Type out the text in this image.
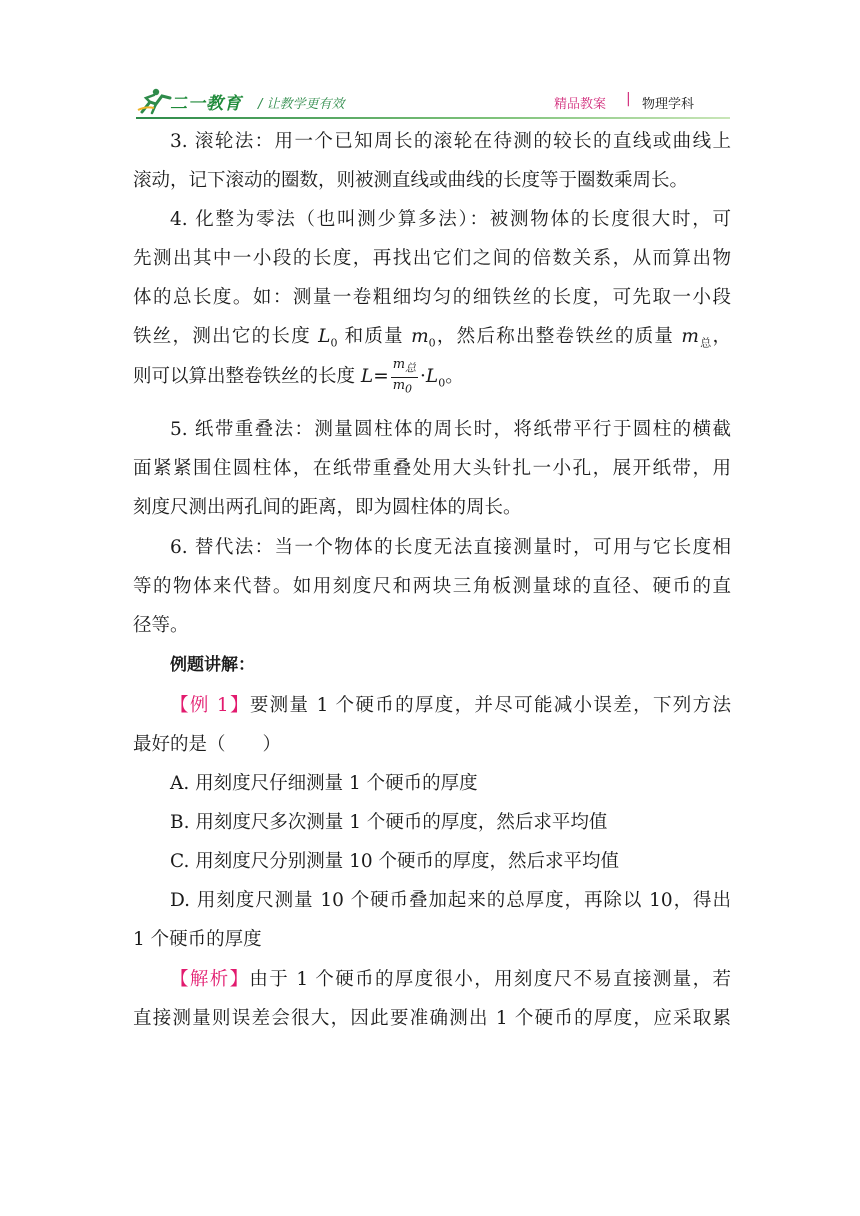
二一教育 / 让教学更有效	精品教案 | 物理学科
3. 滚轮法：用一个已知周长的滚轮在待测的较长的直线或曲线上
滚动，记下滚动的圈数，则被测直线或曲线的长度等于圈数乘周长。
4. 化整为零法（也叫测少算多法）：被测物体的长度很大时，可
先测出其中一小段的长度，再找出它们之间的倍数关系，从而算出物
体的总长度。如：测量一卷粗细均匀的细铁丝的长度，可先取一小段
铁丝，测出它的长度 $L_0$ 和质量 $m_0$，然后称出整卷铁丝的质量 $m_总$，
则可以算出整卷铁丝的长度 $L= \frac{m_总}{m_0} \cdot L_0$。
5. 纸带重叠法：测量圆柱体的周长时，将纸带平行于圆柱的横截
面紧紧围住圆柱体，在纸带重叠处用大头针扎一小孔，展开纸带，用
刻度尺测出两孔间的距离，即为圆柱体的周长。
6. 替代法：当一个物体的长度无法直接测量时，可用与它长度相
等的物体来代替。如用刻度尺和两块三角板测量球的直径、硬币的直
径等。
例题讲解：
【例 1】要测量 1 个硬币的厚度，并尽可能减小误差，下列方法
最好的是（　　）
A. 用刻度尺仔细测量 1 个硬币的厚度
B. 用刻度尺多次测量 1 个硬币的厚度，然后求平均值
C. 用刻度尺分别测量 10 个硬币的厚度，然后求平均值
D. 用刻度尺测量 10 个硬币叠加起来的总厚度，再除以 10，得出
1 个硬币的厚度
【解析】由于 1 个硬币的厚度很小，用刻度尺不易直接测量，若
直接测量则误差会很大，因此要准确测出 1 个硬币的厚度，应采取累
